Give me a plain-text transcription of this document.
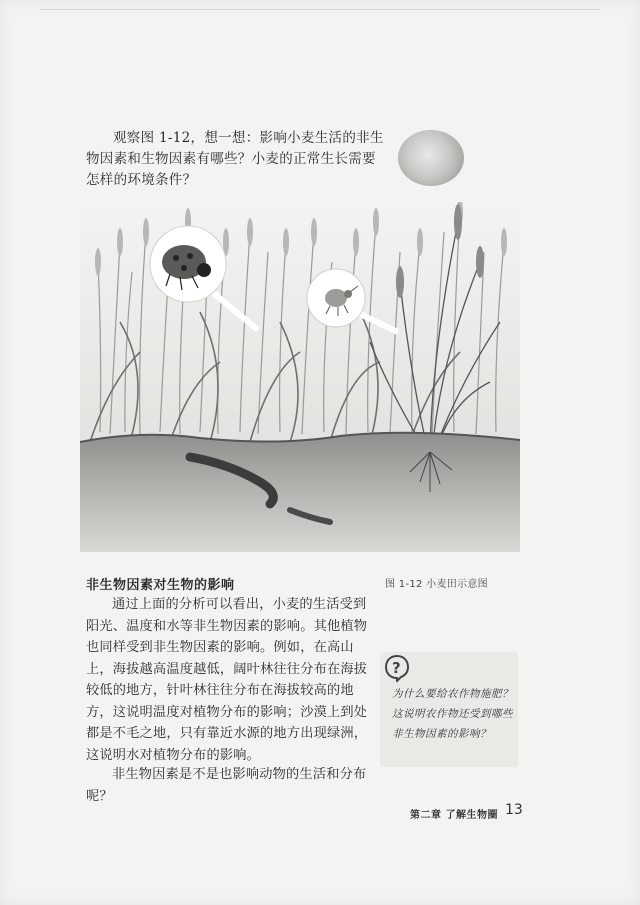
观察图 1-12，想一想：影响小麦生活的非生物因素和生物因素有哪些？小麦的正常生长需要怎样的环境条件？

非生物因素对生物的影响	图 1-12 小麦田示意图

通过上面的分析可以看出，小麦的生活受到阳光、温度和水等非生物因素的影响。其他植物也同样受到非生物因素的影响。例如，在高山上，海拔越高温度越低，阔叶林往往分布在海拔较低的地方，针叶林往往分布在海拔较高的地方，这说明温度对植物分布的影响；沙漠上到处都是不毛之地，只有靠近水源的地方出现绿洲，这说明水对植物分布的影响。

非生物因素是不是也影响动物的生活和分布呢？

?

为什么要给农作物施肥？这说明农作物还受到哪些非生物因素的影响？

第二章 了解生物圈 13
